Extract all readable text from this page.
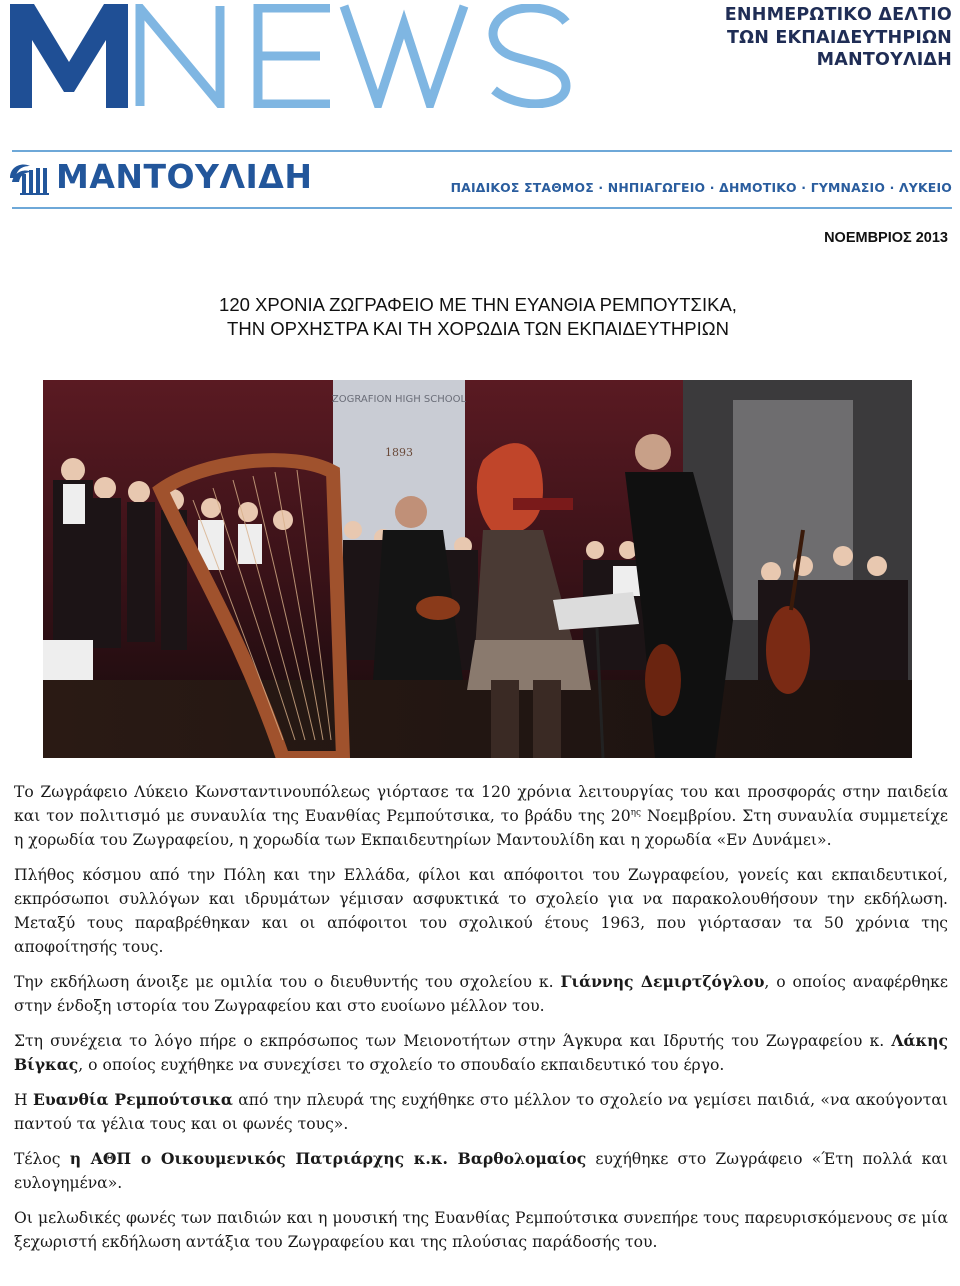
ΕΝΗΜΕΡΩΤΙΚΟ ΔΕΛΤΙΟ
ΤΩΝ ΕΚΠΑΙΔΕΥΤΗΡΙΩΝ
ΜΑΝΤΟΥΛΙΔΗ
ΜΑΝΤΟΥΛΙΔΗ	ΠΑΙΔΙΚΟΣ ΣΤΑΘΜΟΣ · ΝΗΠΙΑΓΩΓΕΙΟ · ΔΗΜΟΤΙΚΟ · ΓΥΜΝΑΣΙΟ · ΛΥΚΕΙΟ
ΝΟΕΜΒΡΙΟΣ 2013
120 ΧΡΟΝΙΑ ΖΩΓΡΑΦΕΙΟ ΜΕ ΤΗΝ ΕΥΑΝΘΙΑ ΡΕΜΠΟΥΤΣΙΚΑ,
ΤΗΝ ΟΡΧΗΣΤΡΑ ΚΑΙ ΤΗ ΧΟΡΩΔΙΑ ΤΩΝ ΕΚΠΑΙΔΕΥΤΗΡΙΩΝ
ZOGRAFION HIGH SCHOOL
1893

Το Ζωγράφειο Λύκειο Κωνσταντινουπόλεως γιόρτασε τα 120 χρόνια λειτουργίας του και προσφοράς στην παιδεία και τον πολιτισμό με συναυλία της Ευανθίας Ρεμπούτσικα, το βράδυ της $20^{\eta\varsigma}$ Νοεμβρίου. Στη συναυλία συμμετείχε η χορωδία του Ζωγραφείου, η χορωδία των Εκπαιδευτηρίων Μαντουλίδη και η χορωδία «Εν Δυνάμει».

Πλήθος κόσμου από την Πόλη και την Ελλάδα, φίλοι και απόφοιτοι του Ζωγραφείου, γονείς και εκπαιδευτικοί, εκπρόσωποι συλλόγων και ιδρυμάτων γέμισαν ασφυκτικά το σχολείο για να παρακολουθήσουν την εκδήλωση. Μεταξύ τους παραβρέθηκαν και οι απόφοιτοι του σχολικού έτους 1963, που γιόρτασαν τα 50 χρόνια της αποφοίτησής τους.

Την εκδήλωση άνοιξε με ομιλία του ο διευθυντής του σχολείου κ. Γιάννης Δεμιρτζόγλου, ο οποίος αναφέρθηκε στην ένδοξη ιστορία του Ζωγραφείου και στο ευοίωνο μέλλον του.

Στη συνέχεια το λόγο πήρε ο εκπρόσωπος των Μειονοτήτων στην Άγκυρα και Ιδρυτής του Ζωγραφείου κ. Λάκης Βίγκας, ο οποίος ευχήθηκε να συνεχίσει το σχολείο το σπουδαίο εκπαιδευτικό του έργο.

Η Ευανθία Ρεμπούτσικα από την πλευρά της ευχήθηκε στο μέλλον το σχολείο να γεμίσει παιδιά, «να ακούγονται παντού τα γέλια τους και οι φωνές τους».

Τέλος η ΑΘΠ ο Οικουμενικός Πατριάρχης κ.κ. Βαρθολομαίος ευχήθηκε στο Ζωγράφειο «Έτη πολλά και ευλογημένα».

Οι μελωδικές φωνές των παιδιών και η μουσική της Ευανθίας Ρεμπούτσικα συνεπήρε τους παρευρισκόμενους σε μία ξεχωριστή εκδήλωση αντάξια του Ζωγραφείου και της πλούσιας παράδοσής του.
